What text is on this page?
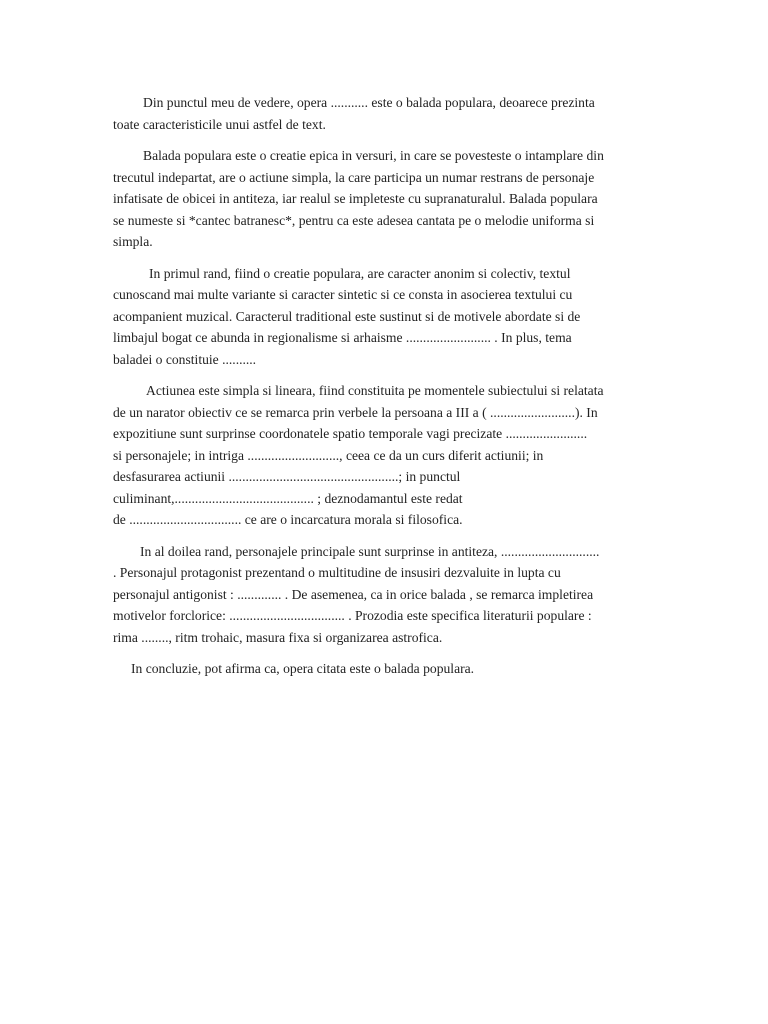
Din punctul meu de vedere, opera ........... este o balada populara, deoarece prezinta
toate caracteristicile unui astfel de text.
Balada populara este o creatie epica in versuri, in care se povesteste o intamplare din
trecutul indepartat, are o actiune simpla, la care participa un numar restrans de personaje
infatisate de obicei in antiteza, iar realul se impleteste cu supranaturalul. Balada populara
se numeste si *cantec batranesc*, pentru ca este adesea cantata pe o melodie uniforma si
simpla.
In primul rand, fiind o creatie populara, are caracter anonim si colectiv, textul
cunoscand mai multe variante si caracter sintetic si ce consta in asocierea textului cu
acompanient muzical. Caracterul traditional este sustinut si de motivele abordate si de
limbajul bogat ce abunda in regionalisme si arhaisme ......................... . In plus, tema
baladei o constituie ..........
Actiunea este simpla si lineara, fiind constituita pe momentele subiectului si relatata
de un narator obiectiv ce se remarca prin verbele la persoana a III a ( .........................). In
expozitiune sunt surprinse coordonatele spatio temporale vagi precizate ........................
si personajele; in intriga ..........................., ceea ce da un curs diferit actiunii; in
desfasurarea actiunii ..................................................; in punctul
culiminant,......................................... ; deznodamantul este redat
de ................................. ce are o incarcatura morala si filosofica.
In al doilea rand, personajele principale sunt surprinse in antiteza, .............................
. Personajul protagonist prezentand o multitudine de insusiri dezvaluite in lupta cu
personajul antigonist : ............. . De asemenea, ca in orice balada , se remarca impletirea
motivelor forclorice: .................................. . Prozodia este specifica literaturii populare :
rima ........, ritm trohaic, masura fixa si organizarea astrofica.
In concluzie, pot afirma ca, opera citata este o balada populara.
